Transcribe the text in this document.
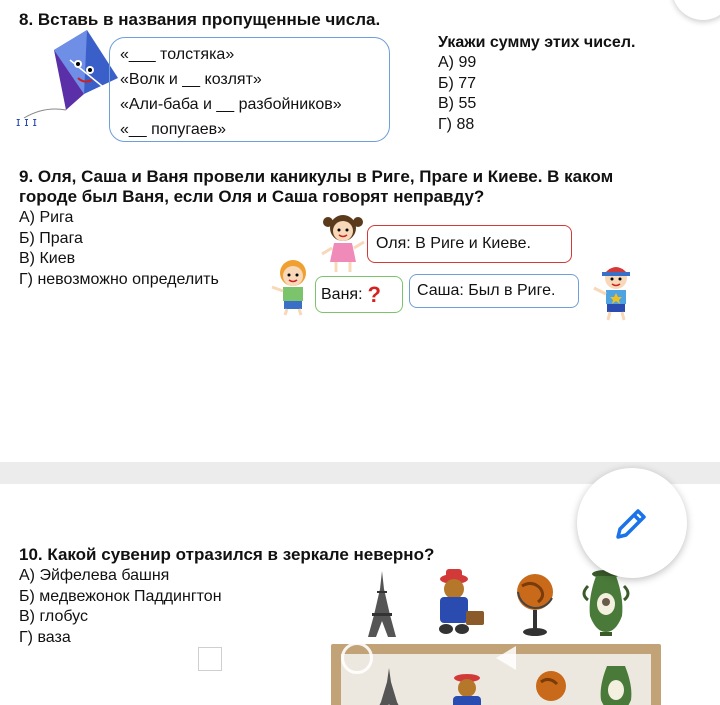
8. Вставь в названия пропущенные числа.
ɪ ɪ ɪ
«___ толстяка»
«Волк и __ козлят»
«Али-баба и __ разбойников»
«__ попугаев»
Укажи сумму этих чисел.
А) 99
Б) 77
В) 55
Г) 88
9. Оля, Саша и Ваня провели каникулы в Риге, Праге и Киеве. В каком
городе был Ваня, если Оля и Саша говорят неправду?
А) Рига
Б) Прага
В) Киев
Г) невозможно определить
Оля: В Риге и Киеве.
Ваня: ? Саша: Был в Риге.
10. Какой сувенир отразился в зеркале неверно?
А) Эйфелева башня
Б) медвежонок Паддингтон
В) глобус
Г) ваза
